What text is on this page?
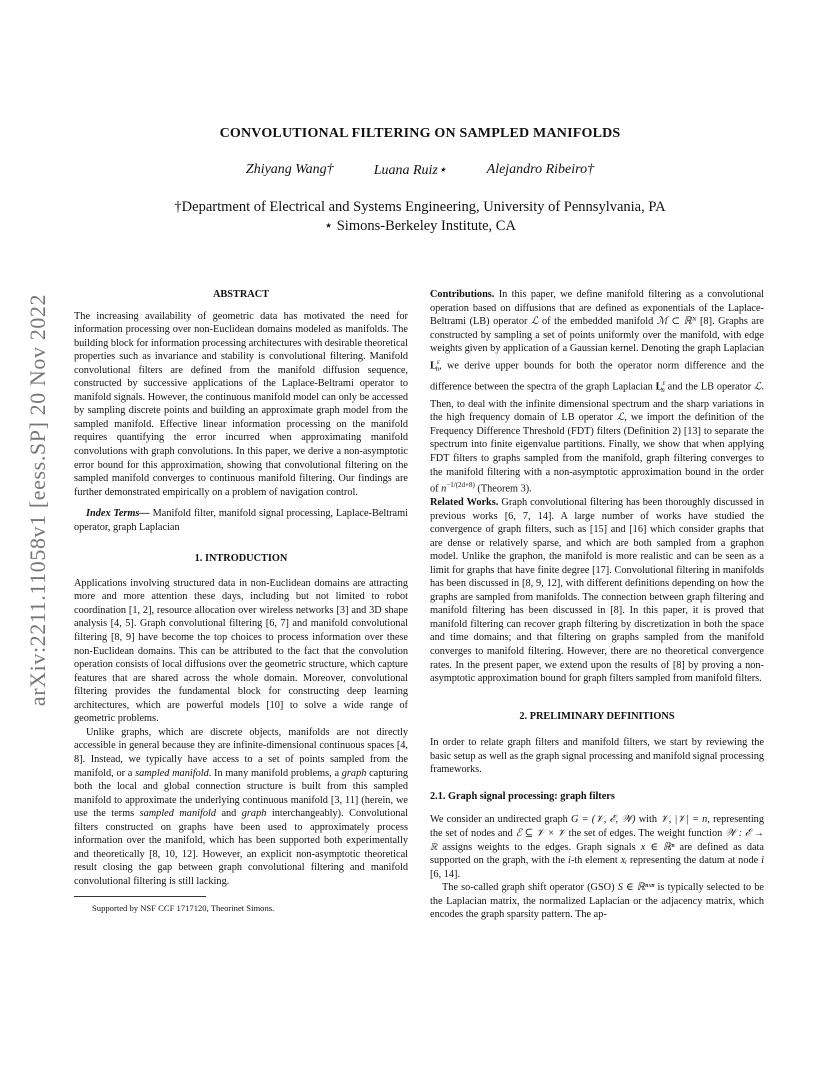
arXiv:2211.11058v1 [eess.SP] 20 Nov 2022
CONVOLUTIONAL FILTERING ON SAMPLED MANIFOLDS
Zhiyang Wang†	Luana Ruiz⋆	Alejandro Ribeiro†
†Department of Electrical and Systems Engineering, University of Pennsylvania, PA
⋆ Simons-Berkeley Institute, CA

ABSTRACT

The increasing availability of geometric data has motivated the need for information processing over non-Euclidean domains modeled as manifolds. The building block for information processing architectures with desirable theoretical properties such as invariance and stability is convolutional filtering. Manifold convolutional filters are defined from the manifold diffusion sequence, constructed by successive applications of the Laplace-Beltrami operator to manifold signals. However, the continuous manifold model can only be accessed by sampling discrete points and building an approximate graph model from the sampled manifold. Effective linear information processing on the manifold requires quantifying the error incurred when approximating manifold convolutions with graph convolutions. In this paper, we derive a non-asymptotic error bound for this approximation, showing that convolutional filtering on the sampled manifold converges to continuous manifold filtering. Our findings are further demonstrated empirically on a problem of navigation control.

Index Terms— Manifold filter, manifold signal processing, Laplace-Beltrami operator, graph Laplacian

1. INTRODUCTION

Applications involving structured data in non-Euclidean domains are attracting more and more attention these days, including but not limited to robot coordination [1, 2], resource allocation over wireless networks [3] and 3D shape analysis [4, 5]. Graph convolutional filtering [6, 7] and manifold convolutional filtering [8, 9] have become the top choices to process information over these non-Euclidean domains. This can be attributed to the fact that the convolution operation consists of local diffusions over the geometric structure, which capture features that are shared across the whole domain. Moreover, convolutional filtering provides the fundamental block for constructing deep learning architectures, which are powerful models [10] to solve a wide range of geometric problems.

Unlike graphs, which are discrete objects, manifolds are not directly accessible in general because they are infinite-dimensional continuous spaces [4, 8]. Instead, we typically have access to a set of points sampled from the manifold, or a sampled manifold. In many manifold problems, a graph capturing both the local and global connection structure is built from this sampled manifold to approximate the underlying continuous manifold [3, 11] (herein, we use the terms sampled manifold and graph interchangeably). Convolutional filters constructed on graphs have been used to approximately process information over the manifold, which has been supported both experimentally and theoretically [8, 10, 12]. However, an explicit non-asymptotic theoretical result closing the gap between graph convolutional filtering and manifold convolutional filtering is still lacking.

Supported by NSF CCF 1717120, Theorinet Simons.

Contributions. In this paper, we define manifold filtering as a convolutional operation based on diffusions that are defined as exponentials of the Laplace-Beltrami (LB) operator ℒ of the embedded manifold ℳ ⊂ ℝᴺ [8]. Graphs are constructed by sampling a set of points uniformly over the manifold, with edge weights given by application of a Gaussian kernel. Denoting the graph Laplacian $L^\varepsilon_n$, we derive upper bounds for both the operator norm difference and the difference between the spectra of the graph Laplacian $L^\varepsilon_n$ and the LB operator ℒ. Then, to deal with the infinite dimensional spectrum and the sharp variations in the high frequency domain of LB operator ℒ, we import the definition of the Frequency Difference Threshold (FDT) filters (Definition 2) [13] to separate the spectrum into finite eigenvalue partitions. Finally, we show that when applying FDT filters to graphs sampled from the manifold, graph filtering converges to the manifold filtering with a non-asymptotic approximation bound in the order of $n^{-1/(2d+8)}$ (Theorem 3).

Related Works. Graph convolutional filtering has been thoroughly discussed in previous works [6, 7, 14]. A large number of works have studied the convergence of graph filters, such as [15] and [16] which consider graphs that are dense or relatively sparse, and which are both sampled from a graphon model. Unlike the graphon, the manifold is more realistic and can be seen as a limit for graphs that have finite degree [17]. Convolutional filtering in manifolds has been discussed in [8, 9, 12], with different definitions depending on how the graphs are sampled from manifolds. The connection between graph filtering and manifold filtering has been discussed in [8]. In this paper, it is proved that manifold filtering can recover graph filtering by discretization in both the space and time domains; and that filtering on graphs sampled from the manifold converges to manifold filtering. However, there are no theoretical convergence rates. In the present paper, we extend upon the results of [8] by proving a non-asymptotic approximation bound for graph filters sampled from manifold filters.

2. PRELIMINARY DEFINITIONS

In order to relate graph filters and manifold filters, we start by reviewing the basic setup as well as the graph signal processing and manifold signal processing frameworks.

2.1. Graph signal processing: graph filters

We consider an undirected graph G = (𝒱, ℰ, 𝒲) with 𝒱, |𝒱| = n, representing the set of nodes and ℰ ⊆ 𝒱 × 𝒱 the set of edges. The weight function 𝒲 : ℰ → ℝ assigns weights to the edges. Graph signals x ∈ ℝⁿ are defined as data supported on the graph, with the i-th element xᵢ representing the datum at node i [6, 14].

The so-called graph shift operator (GSO) S ∈ ℝⁿˣⁿ is typically selected to be the Laplacian matrix, the normalized Laplacian or the adjacency matrix, which encodes the graph sparsity pattern. The ap-
